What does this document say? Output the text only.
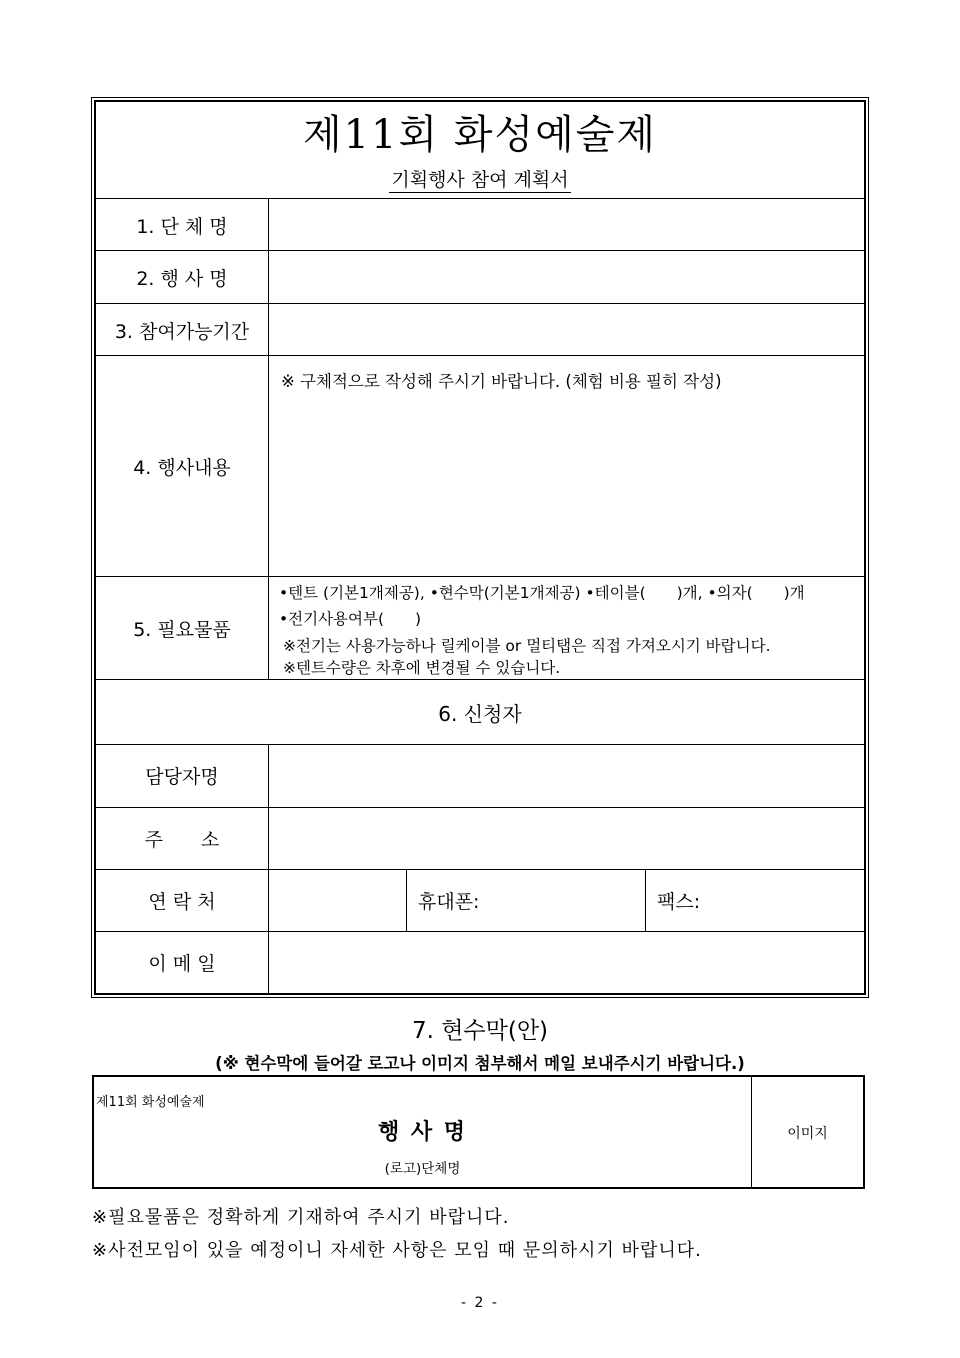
제11회 화성예술제
기획행사 참여 계획서
1. 단 체 명
2. 행 사 명
3. 참여가능기간
4. 행사내용
※ 구체적으로 작성해 주시기 바랍니다. (체험 비용 필히 작성)
5. 필요물품
•텐트 (기본1개제공), •현수막(기본1개제공) •테이블(　　)개, •의자(　　)개
•전기사용여부(　　)
※전기는 사용가능하나 릴케이블 or 멀티탭은 직접 가져오시기 바랍니다.
※텐트수량은 차후에 변경될 수 있습니다.
6. 신청자
담당자명
주　　소
연 락 처	휴대폰:	팩스:
이 메 일
7. 현수막(안)
(※ 현수막에 들어갈 로고나 이미지 첨부해서 메일 보내주시기 바랍니다.)
제11회 화성예술제
행 사 명
(로고)단체명
이미지
※필요물품은 정확하게 기재하여 주시기 바랍니다.
※사전모임이 있을 예정이니 자세한 사항은 모임 때 문의하시기 바랍니다.
- 2 -
